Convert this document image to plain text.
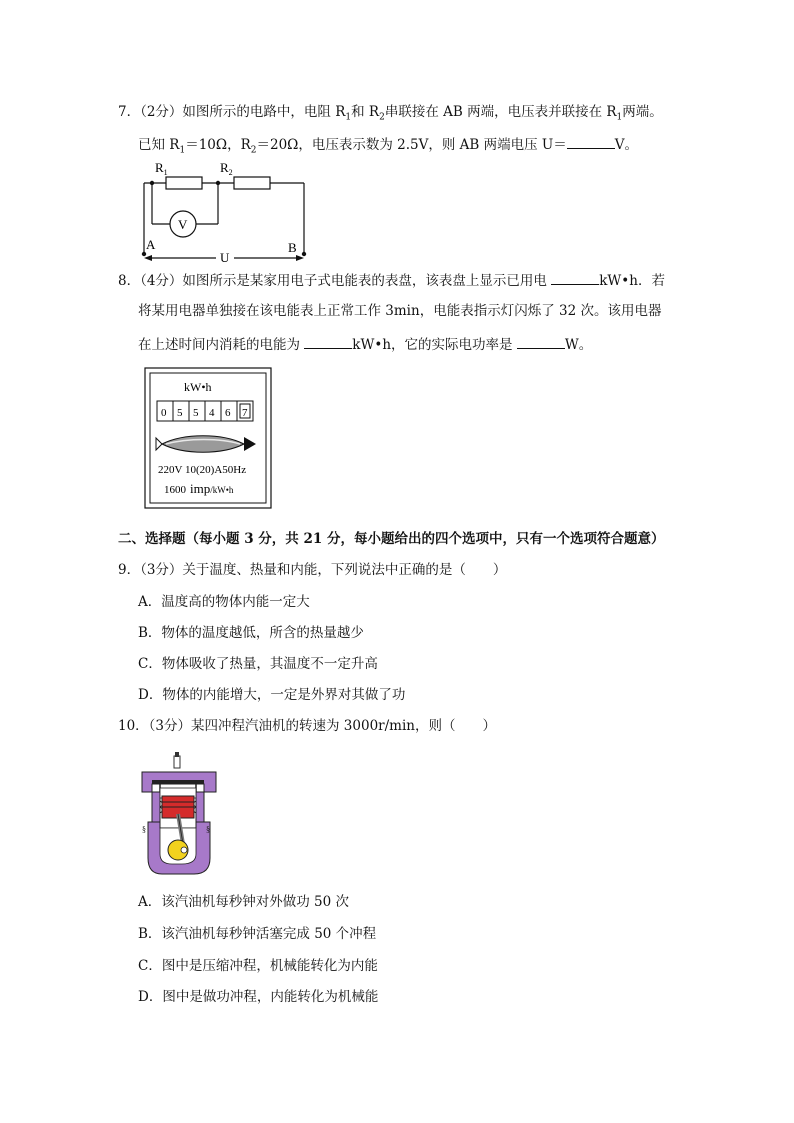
7．（2分）如图所示的电路中，电阻 $R_1$和 $R_2$串联接在 AB 两端，电压表并联接在 $R_1$两端。
已知 $R_1=10\Omega$，$R_2=20\Omega$，电压表示数为 2.5V，则 AB 两端电压 U＝	V。
$R_1$	$R_2$
V
A	B
U
8．（4分）如图所示是某家用电子式电能表的表盘，该表盘上显示已用电	kW•h．若
将某用电器单独接在该电能表上正常工作 3min，电能表指示灯闪烁了 32 次。该用电器
在上述时间内消耗的电能为	kW•h，它的实际电功率是	W。
kW•h
0 5 5 4 6 7
220V 10(20)A50Hz
1600 imp/kW•h
二、选择题（每小题 3 分，共 21 分，每小题给出的四个选项中，只有一个选项符合题意）
9．（3分）关于温度、热量和内能，下列说法中正确的是（　　）
A．温度高的物体内能一定大
B．物体的温度越低，所含的热量越少
C．物体吸收了热量，其温度不一定升高
D．物体的内能增大，一定是外界对其做了功
10．（3分）某四冲程汽油机的转速为 3000r/min，则（　　）
§	§
A．该汽油机每秒钟对外做功 50 次
B．该汽油机每秒钟活塞完成 50 个冲程
C．图中是压缩冲程，机械能转化为内能
D．图中是做功冲程，内能转化为机械能
